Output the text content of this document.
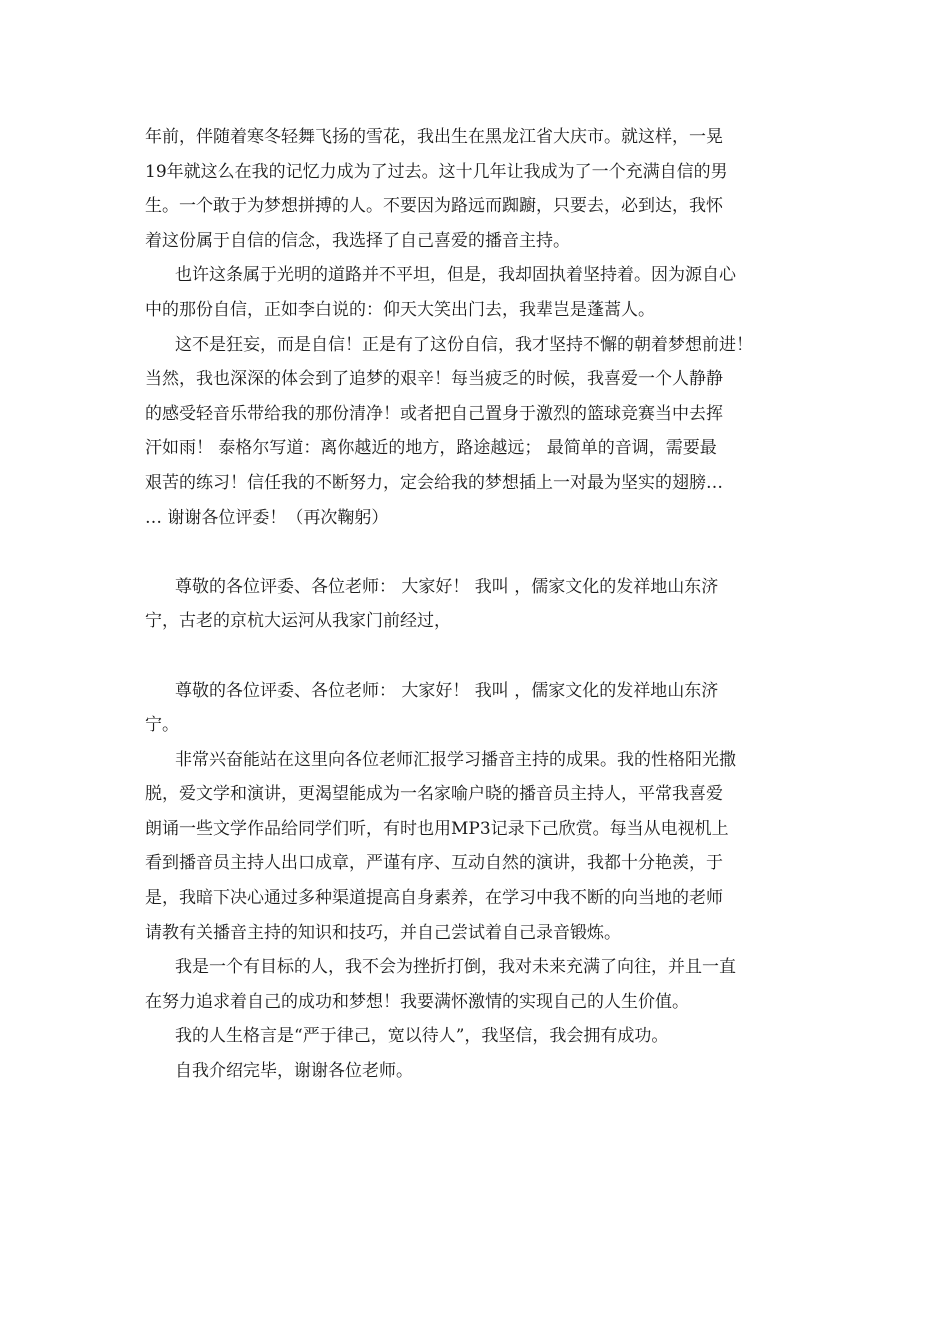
年前，伴随着寒冬轻舞飞扬的雪花，我出生在黑龙江省大庆市。就这样，一晃
19年就这么在我的记忆力成为了过去。这十几年让我成为了一个充满自信的男
生。一个敢于为梦想拼搏的人。不要因为路远而踟躕，只要去，必到达，我怀
着这份属于自信的信念，我选择了自己喜爱的播音主持。

也许这条属于光明的道路并不平坦，但是，我却固执着坚持着。因为源自心
中的那份自信，正如李白说的：仰天大笑出门去，我辈岂是蓬蒿人。

这不是狂妄，而是自信！正是有了这份自信，我才坚持不懈的朝着梦想前进！
当然，我也深深的体会到了追梦的艰辛！每当疲乏的时候，我喜爱一个人静静
的感受轻音乐带给我的那份清净！或者把自己置身于激烈的篮球竞赛当中去挥
汗如雨！ 泰格尔写道：离你越近的地方，路途越远； 最简单的音调，需要最
艰苦的练习！信任我的不断努力，定会给我的梦想插上一对最为坚实的翅膀…
… 谢谢各位评委！（再次鞠躬）

尊敬的各位评委、各位老师： 大家好！ 我叫 ，儒家文化的发祥地山东济
宁，古老的京杭大运河从我家门前经过，

尊敬的各位评委、各位老师： 大家好！ 我叫 ，儒家文化的发祥地山东济
宁。

非常兴奋能站在这里向各位老师汇报学习播音主持的成果。我的性格阳光撒
脱，爱文学和演讲，更渴望能成为一名家喻户晓的播音员主持人，平常我喜爱
朗诵一些文学作品给同学们听，有时也用MP3记录下己欣赏。每当从电视机上
看到播音员主持人出口成章，严谨有序、互动自然的演讲，我都十分艳羡，于
是，我暗下决心通过多种渠道提高自身素养，在学习中我不断的向当地的老师
请教有关播音主持的知识和技巧，并自己尝试着自己录音锻炼。

我是一个有目标的人，我不会为挫折打倒，我对未来充满了向往，并且一直
在努力追求着自己的成功和梦想！我要满怀激情的实现自己的人生价值。

我的人生格言是“严于律己，宽以待人”，我坚信，我会拥有成功。

自我介绍完毕，谢谢各位老师。
